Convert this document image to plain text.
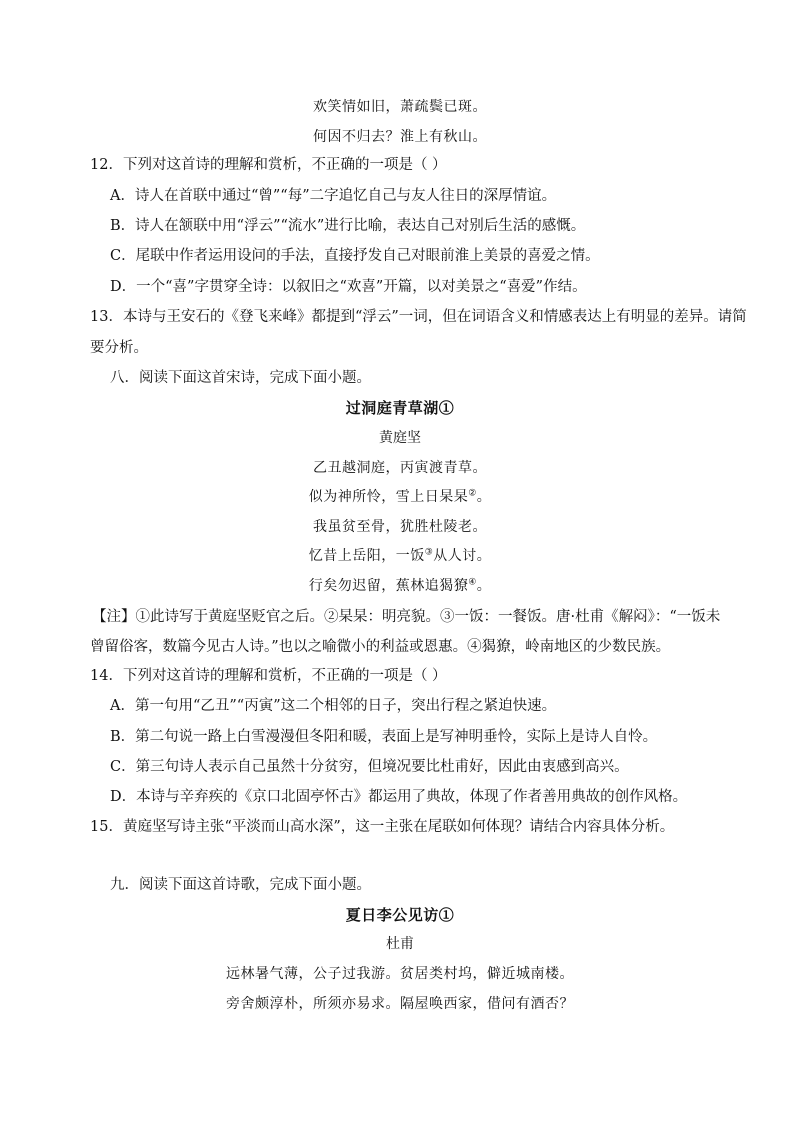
欢笑情如旧，萧疏鬓已斑。
何因不归去？淮上有秋山。
12．下列对这首诗的理解和赏析，不正确的一项是（ ）
A．诗人在首联中通过“曾”“每”二字追忆自己与友人往日的深厚情谊。
B．诗人在颔联中用“浮云”“流水”进行比喻，表达自己对别后生活的感慨。
C．尾联中作者运用设问的手法，直接抒发自己对眼前淮上美景的喜爱之情。
D．一个“喜”字贯穿全诗：以叙旧之“欢喜”开篇，以对美景之“喜爱”作结。
13．本诗与王安石的《登飞来峰》都提到“浮云”一词，但在词语含义和情感表达上有明显的差异。请简
要分析。
八．阅读下面这首宋诗，完成下面小题。
过洞庭青草湖①
黄庭坚
乙丑越洞庭，丙寅渡青草。
似为神所怜，雪上日杲杲②。
我虽贫至骨，犹胜杜陵老。
忆昔上岳阳，一饭③从人讨。
行矣勿迟留，蕉林追猲獠④。
【注】①此诗写于黄庭坚贬官之后。②杲杲：明亮貌。③一饭：一餐饭。唐·杜甫《解闷》：“一饭未
曾留俗客，数篇今见古人诗。”也以之喻微小的利益或恩惠。④猲獠，岭南地区的少数民族。
14．下列对这首诗的理解和赏析，不正确的一项是（ ）
A．第一句用“乙丑”“丙寅”这二个相邻的日子，突出行程之紧迫快速。
B．第二句说一路上白雪漫漫但冬阳和暖，表面上是写神明垂怜，实际上是诗人自怜。
C．第三句诗人表示自己虽然十分贫穷，但境况要比杜甫好，因此由衷感到高兴。
D．本诗与辛弃疾的《京口北固亭怀古》都运用了典故，体现了作者善用典故的创作风格。
15．黄庭坚写诗主张“平淡而山高水深”，这一主张在尾联如何体现？请结合内容具体分析。
九．阅读下面这首诗歌，完成下面小题。
夏日李公见访①
杜甫
远林暑气薄，公子过我游。贫居类村坞，僻近城南楼。
旁舍颇淳朴，所须亦易求。隔屋唤西家，借问有酒否？
